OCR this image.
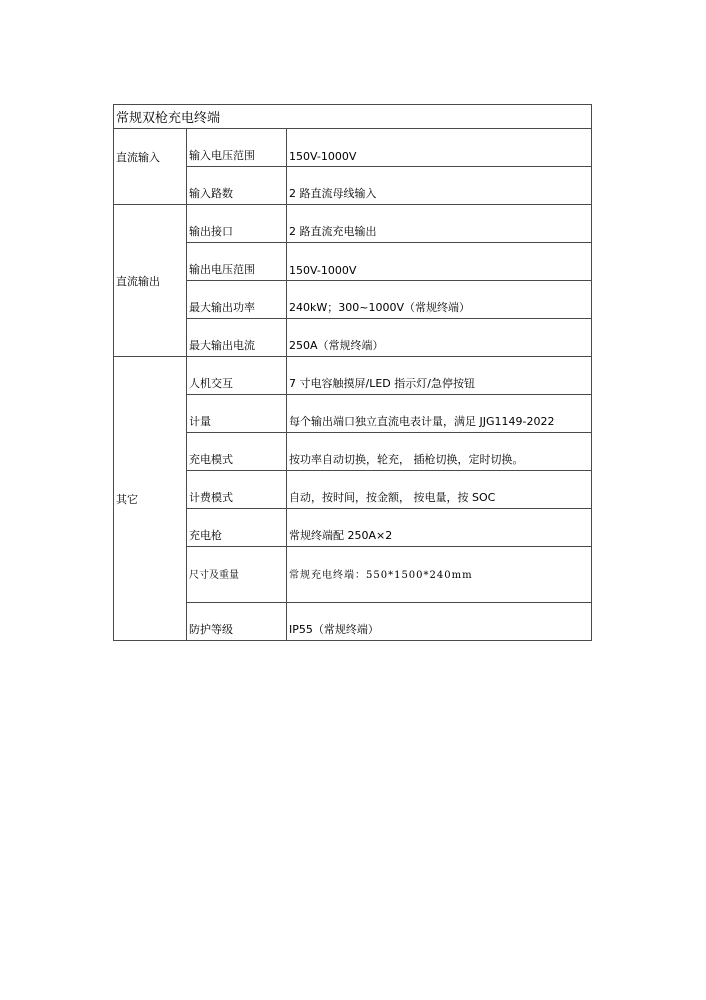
常规双枪充电终端		
直流输入	输入电压范围	150V-1000V
	输入路数	2 路直流母线输入
直流输出	输出接口	2 路直流充电输出
	输出电压范围	150V-1000V
	最大输出功率	240kW；300~1000V（常规终端）
	最大输出电流	250A（常规终端）
其它	人机交互	7 寸电容触摸屏/LED 指示灯/急停按钮
	计量	每个输出端口独立直流电表计量，满足 JJG1149-2022
	充电模式	按功率自动切换，轮充， 插枪切换，定时切换。
	计费模式	自动，按时间，按金额， 按电量，按 SOC
	充电枪	常规终端配 250A×2
	尺寸及重量	常规充电终端：550*1500*240mm
	防护等级	IP55（常规终端）
